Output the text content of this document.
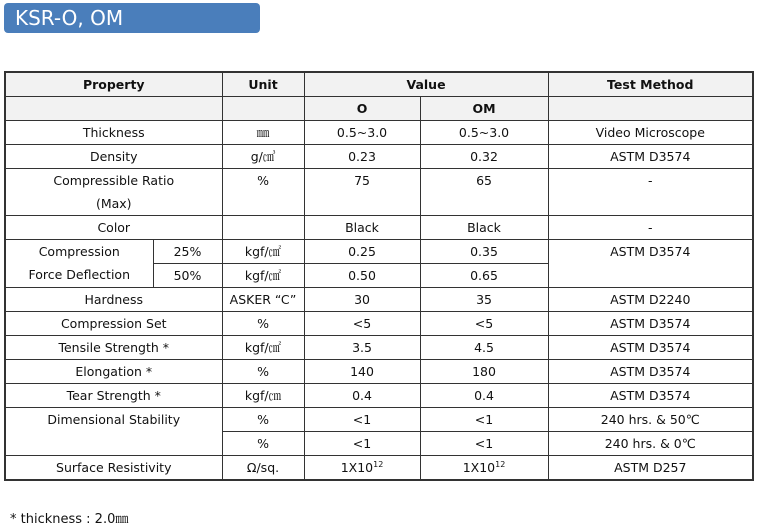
KSR-O, OM
Property		Unit	Value		Test Method
			O	OM	
Thickness		㎜	0.5~3.0	0.5~3.0	Video Microscope
Density		g/㎤	0.23	0.32	ASTM D3574

Compressible Ratio
(Max)		%	75	65	-
Color			Black	Black	-

Compression
Force Deflection	25%	kgf/㎠	0.25	0.35	ASTM D3574
	50%	kgf/㎠	0.50	0.65	
Hardness		ASKER “C”	30	35	ASTM D2240
Compression Set		%	<5	<5	ASTM D3574
Tensile Strength *		kgf/㎠	3.5	4.5	ASTM D3574
Elongation *		%	140	180	ASTM D3574
Tear Strength *		kgf/㎝	0.4	0.4	ASTM D3574
Dimensional Stability		%	<1	<1	240 hrs. & 50℃
		%	<1	<1	240 hrs. & 0℃
Surface Resistivity		Ω/sq.	$1X10^{12}$	$1X10^{12}$	ASTM D257
* thickness : 2.0㎜
